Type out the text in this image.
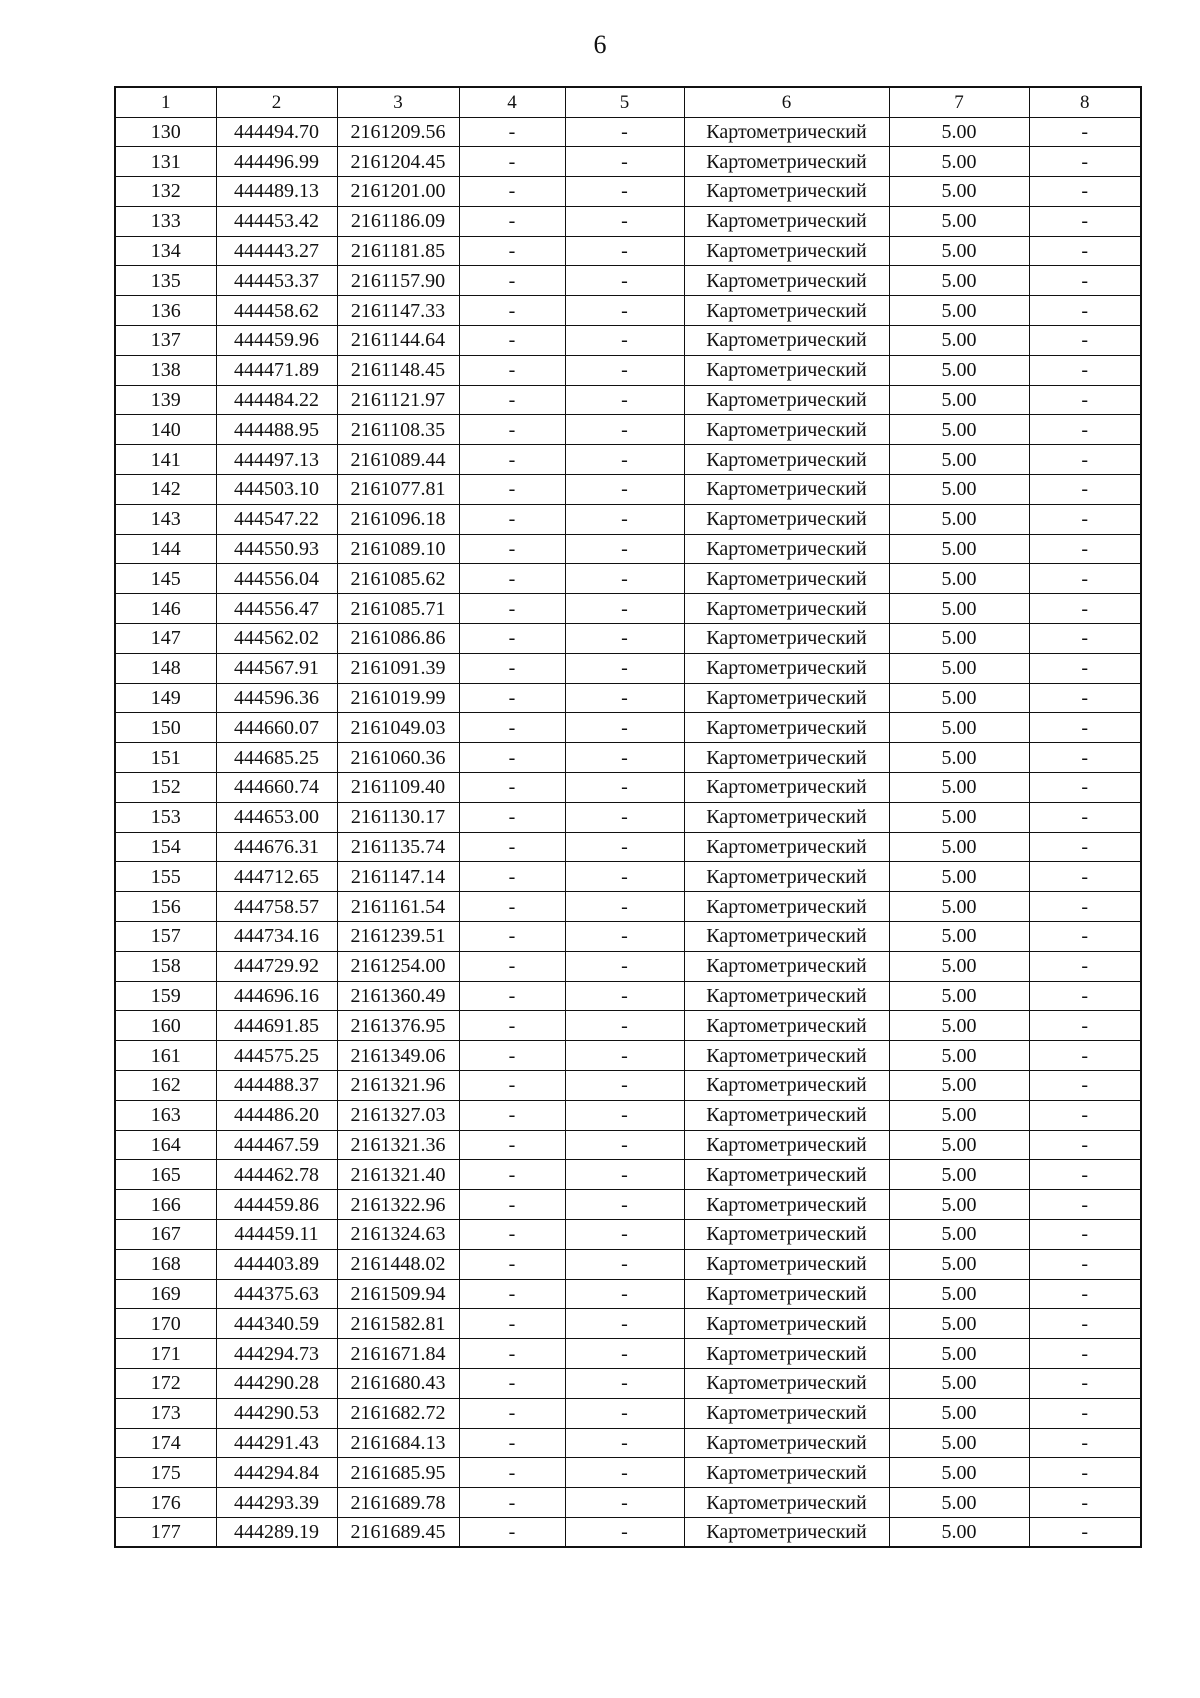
6
1	2	3	4	5	6	7	8
130	444494.70	2161209.56	-	-	Картометрический	5.00	-
131	444496.99	2161204.45	-	-	Картометрический	5.00	-
132	444489.13	2161201.00	-	-	Картометрический	5.00	-
133	444453.42	2161186.09	-	-	Картометрический	5.00	-
134	444443.27	2161181.85	-	-	Картометрический	5.00	-
135	444453.37	2161157.90	-	-	Картометрический	5.00	-
136	444458.62	2161147.33	-	-	Картометрический	5.00	-
137	444459.96	2161144.64	-	-	Картометрический	5.00	-
138	444471.89	2161148.45	-	-	Картометрический	5.00	-
139	444484.22	2161121.97	-	-	Картометрический	5.00	-
140	444488.95	2161108.35	-	-	Картометрический	5.00	-
141	444497.13	2161089.44	-	-	Картометрический	5.00	-
142	444503.10	2161077.81	-	-	Картометрический	5.00	-
143	444547.22	2161096.18	-	-	Картометрический	5.00	-
144	444550.93	2161089.10	-	-	Картометрический	5.00	-
145	444556.04	2161085.62	-	-	Картометрический	5.00	-
146	444556.47	2161085.71	-	-	Картометрический	5.00	-
147	444562.02	2161086.86	-	-	Картометрический	5.00	-
148	444567.91	2161091.39	-	-	Картометрический	5.00	-
149	444596.36	2161019.99	-	-	Картометрический	5.00	-
150	444660.07	2161049.03	-	-	Картометрический	5.00	-
151	444685.25	2161060.36	-	-	Картометрический	5.00	-
152	444660.74	2161109.40	-	-	Картометрический	5.00	-
153	444653.00	2161130.17	-	-	Картометрический	5.00	-
154	444676.31	2161135.74	-	-	Картометрический	5.00	-
155	444712.65	2161147.14	-	-	Картометрический	5.00	-
156	444758.57	2161161.54	-	-	Картометрический	5.00	-
157	444734.16	2161239.51	-	-	Картометрический	5.00	-
158	444729.92	2161254.00	-	-	Картометрический	5.00	-
159	444696.16	2161360.49	-	-	Картометрический	5.00	-
160	444691.85	2161376.95	-	-	Картометрический	5.00	-
161	444575.25	2161349.06	-	-	Картометрический	5.00	-
162	444488.37	2161321.96	-	-	Картометрический	5.00	-
163	444486.20	2161327.03	-	-	Картометрический	5.00	-
164	444467.59	2161321.36	-	-	Картометрический	5.00	-
165	444462.78	2161321.40	-	-	Картометрический	5.00	-
166	444459.86	2161322.96	-	-	Картометрический	5.00	-
167	444459.11	2161324.63	-	-	Картометрический	5.00	-
168	444403.89	2161448.02	-	-	Картометрический	5.00	-
169	444375.63	2161509.94	-	-	Картометрический	5.00	-
170	444340.59	2161582.81	-	-	Картометрический	5.00	-
171	444294.73	2161671.84	-	-	Картометрический	5.00	-
172	444290.28	2161680.43	-	-	Картометрический	5.00	-
173	444290.53	2161682.72	-	-	Картометрический	5.00	-
174	444291.43	2161684.13	-	-	Картометрический	5.00	-
175	444294.84	2161685.95	-	-	Картометрический	5.00	-
176	444293.39	2161689.78	-	-	Картометрический	5.00	-
177	444289.19	2161689.45	-	-	Картометрический	5.00	-
